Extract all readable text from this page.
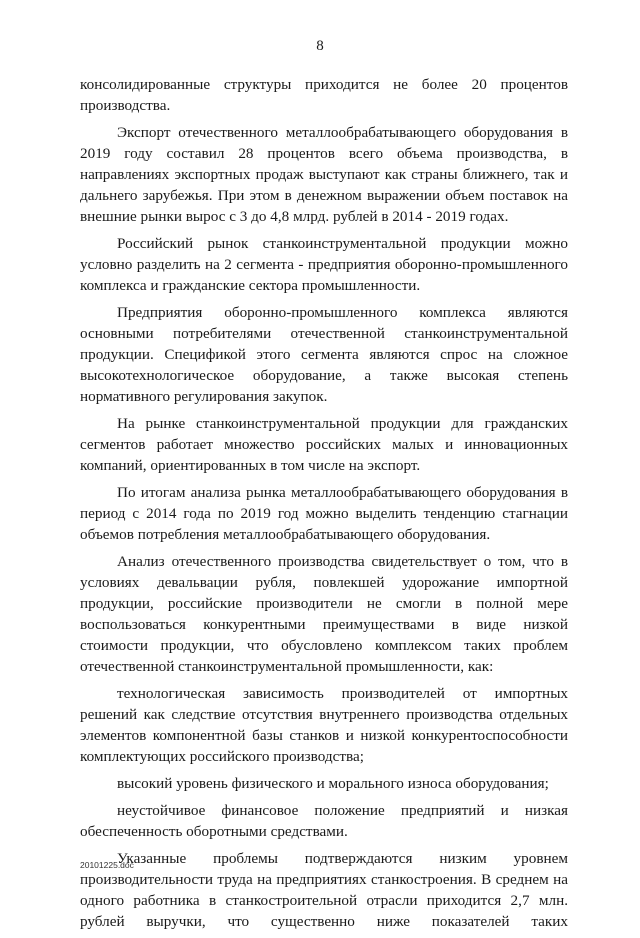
8

консолидированные структуры приходится не более 20 процентов производства.

Экспорт отечественного металлообрабатывающего оборудования в 2019 году составил 28 процентов всего объема производства, в направлениях экспортных продаж выступают как страны ближнего, так и дальнего зарубежья. При этом в денежном выражении объем поставок на внешние рынки вырос с 3 до 4,8 млрд. рублей в 2014 - 2019 годах.

Российский рынок станкоинструментальной продукции можно условно разделить на 2 сегмента - предприятия оборонно-промышленного комплекса и гражданские сектора промышленности.

Предприятия оборонно-промышленного комплекса являются основными потребителями отечественной станкоинструментальной продукции. Спецификой этого сегмента являются спрос на сложное высокотехнологическое оборудование, а также высокая степень нормативного регулирования закупок.

На рынке станкоинструментальной продукции для гражданских сегментов работает множество российских малых и инновационных компаний, ориентированных в том числе на экспорт.

По итогам анализа рынка металлообрабатывающего оборудования в период с 2014 года по 2019 год можно выделить тенденцию стагнации объемов потребления металлообрабатывающего оборудования.

Анализ отечественного производства свидетельствует о том, что в условиях девальвации рубля, повлекшей удорожание импортной продукции, российские производители не смогли в полной мере воспользоваться конкурентными преимуществами в виде низкой стоимости продукции, что обусловлено комплексом таких проблем отечественной станкоинструментальной промышленности, как:

технологическая зависимость производителей от импортных решений как следствие отсутствия внутреннего производства отдельных элементов компонентной базы станков и низкой конкурентоспособности комплектующих российского производства;

высокий уровень физического и морального износа оборудования;

неустойчивое финансовое положение предприятий и низкая обеспеченность оборотными средствами.

Указанные проблемы подтверждаются низким уровнем производительности труда на предприятиях станкостроения. В среднем на одного работника в станкостроительной отрасли приходится 2,7 млн. рублей выручки, что существенно ниже показателей таких

20101225.doc
